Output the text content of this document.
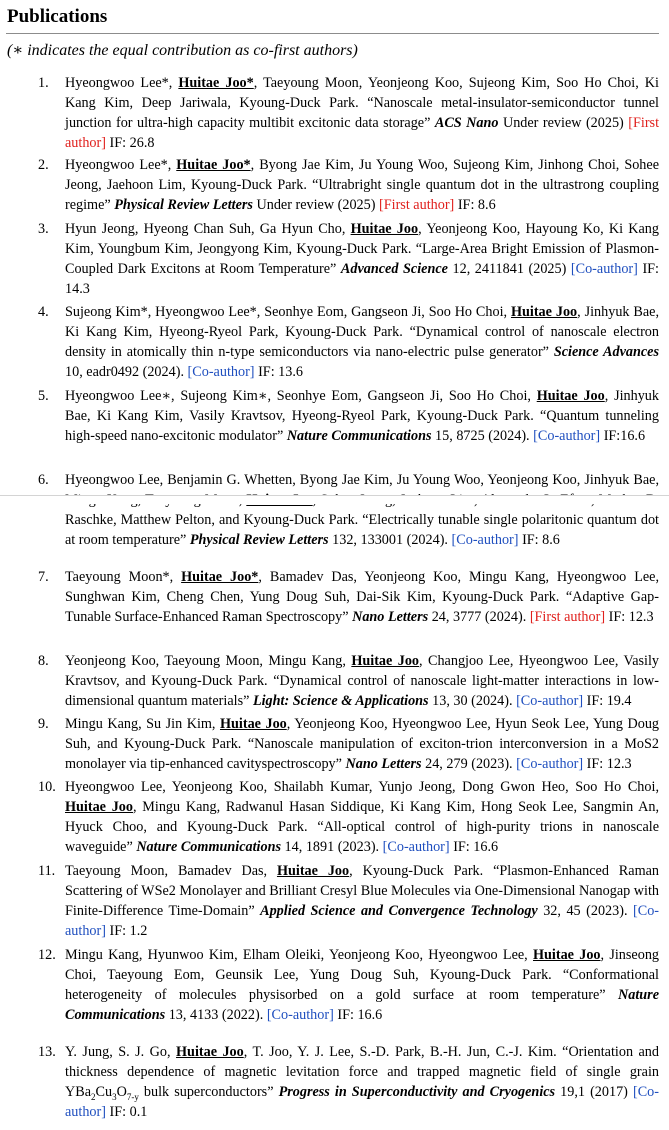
Publications
(∗ indicates the equal contribution as co-first authors)
1. Hyeongwoo Lee*, Huitae Joo*, Taeyoung Moon, Yeonjeong Koo, Sujeong Kim, Soo Ho Choi, Ki Kang Kim, Deep Jariwala, Kyoung-Duck Park. “Nanoscale metal-insulator-semiconductor tunnel junction for ultra-high capacity multibit excitonic data storage” ACS Nano Under review (2025) [First author] IF: 26.8
2. Hyeongwoo Lee*, Huitae Joo*, Byong Jae Kim, Ju Young Woo, Sujeong Kim, Jinhong Choi, Sohee Jeong, Jaehoon Lim, Kyoung-Duck Park. “Ultrabright single quantum dot in the ultrastrong coupling regime” Physical Review Letters Under review (2025) [First author] IF: 8.6
3. Hyun Jeong, Hyeong Chan Suh, Ga Hyun Cho, Huitae Joo, Yeonjeong Koo, Hayoung Ko, Ki Kang Kim, Youngbum Kim, Jeongyong Kim, Kyoung-Duck Park. “Large-Area Bright Emission of Plasmon-Coupled Dark Excitons at Room Temperature” Advanced Science 12, 2411841 (2025) [Co-author] IF: 14.3
4. Sujeong Kim*, Hyeongwoo Lee*, Seonhye Eom, Gangseon Ji, Soo Ho Choi, Huitae Joo, Jinhyuk Bae, Ki Kang Kim, Hyeong-Ryeol Park, Kyoung-Duck Park. “Dynamical control of nanoscale electron density in atomically thin n-type semiconductors via nano-electric pulse generator” Science Advances 10, eadr0492 (2024). [Co-author] IF: 13.6
5. Hyeongwoo Lee∗, Sujeong Kim∗, Seonhye Eom, Gangseon Ji, Soo Ho Choi, Huitae Joo, Jinhyuk Bae, Ki Kang Kim, Vasily Kravtsov, Hyeong-Ryeol Park, Kyoung-Duck Park. “Quantum tunneling high-speed nano-excitonic modulator” Nature Communications 15, 8725 (2024). [Co-author] IF:16.6
6. Hyeongwoo Lee, Benjamin G. Whetten, Byong Jae Kim, Ju Young Woo, Yeonjeong Koo, Jinhyuk Bae, Raschke, Matthew Pelton, and Kyoung-Duck Park. “Electrically tunable single polaritonic quantum dot at room temperature” Physical Review Letters 132, 133001 (2024). [Co-author] IF: 8.6
7. Taeyoung Moon*, Huitae Joo*, Bamadev Das, Yeonjeong Koo, Mingu Kang, Hyeongwoo Lee, Sunghwan Kim, Cheng Chen, Yung Doug Suh, Dai-Sik Kim, Kyoung-Duck Park. “Adaptive Gap-Tunable Surface-Enhanced Raman Spectroscopy” Nano Letters 24, 3777 (2024). [First author] IF: 12.3
8. Yeonjeong Koo, Taeyoung Moon, Mingu Kang, Huitae Joo, Changjoo Lee, Hyeongwoo Lee, Vasily Kravtsov, and Kyoung-Duck Park. “Dynamical control of nanoscale light-matter interactions in low-dimensional quantum materials” Light: Science & Applications 13, 30 (2024). [Co-author] IF: 19.4
9. Mingu Kang, Su Jin Kim, Huitae Joo, Yeonjeong Koo, Hyeongwoo Lee, Hyun Seok Lee, Yung Doug Suh, and Kyoung-Duck Park. “Nanoscale manipulation of exciton-trion interconversion in a MoS2 monolayer via tip-enhanced cavityspectroscopy” Nano Letters 24, 279 (2023). [Co-author] IF: 12.3
10. Hyeongwoo Lee, Yeonjeong Koo, Shailabh Kumar, Yunjo Jeong, Dong Gwon Heo, Soo Ho Choi, Huitae Joo, Mingu Kang, Radwanul Hasan Siddique, Ki Kang Kim, Hong Seok Lee, Sangmin An, Hyuck Choo, and Kyoung-Duck Park. “All-optical control of high-purity trions in nanoscale waveguide” Nature Communications 14, 1891 (2023). [Co-author] IF: 16.6
11. Taeyoung Moon, Bamadev Das, Huitae Joo, Kyoung-Duck Park. “Plasmon-Enhanced Raman Scattering of WSe2 Monolayer and Brilliant Cresyl Blue Molecules via One-Dimensional Nanogap with Finite-Difference Time-Domain” Applied Science and Convergence Technology 32, 45 (2023). [Co-author] IF: 1.2
12. Mingu Kang, Hyunwoo Kim, Elham Oleiki, Yeonjeong Koo, Hyeongwoo Lee, Huitae Joo, Jinseong Choi, Taeyoung Eom, Geunsik Lee, Yung Doug Suh, Kyoung-Duck Park. “Conformational heterogeneity of molecules physisorbed on a gold surface at room temperature” Nature Communications 13, 4133 (2022). [Co-author] IF: 16.6
13. Y. Jung, S. J. Go, Huitae Joo, T. Joo, Y. J. Lee, S.-D. Park, B.-H. Jun, C.-J. Kim. “Orientation and thickness dependence of magnetic levitation force and trapped magnetic field of single grain $YBa_2Cu_3O_{7-y}$ bulk superconductors” Progress in Superconductivity and Cryogenics 19,1 (2017) [Co-author] IF: 0.1
